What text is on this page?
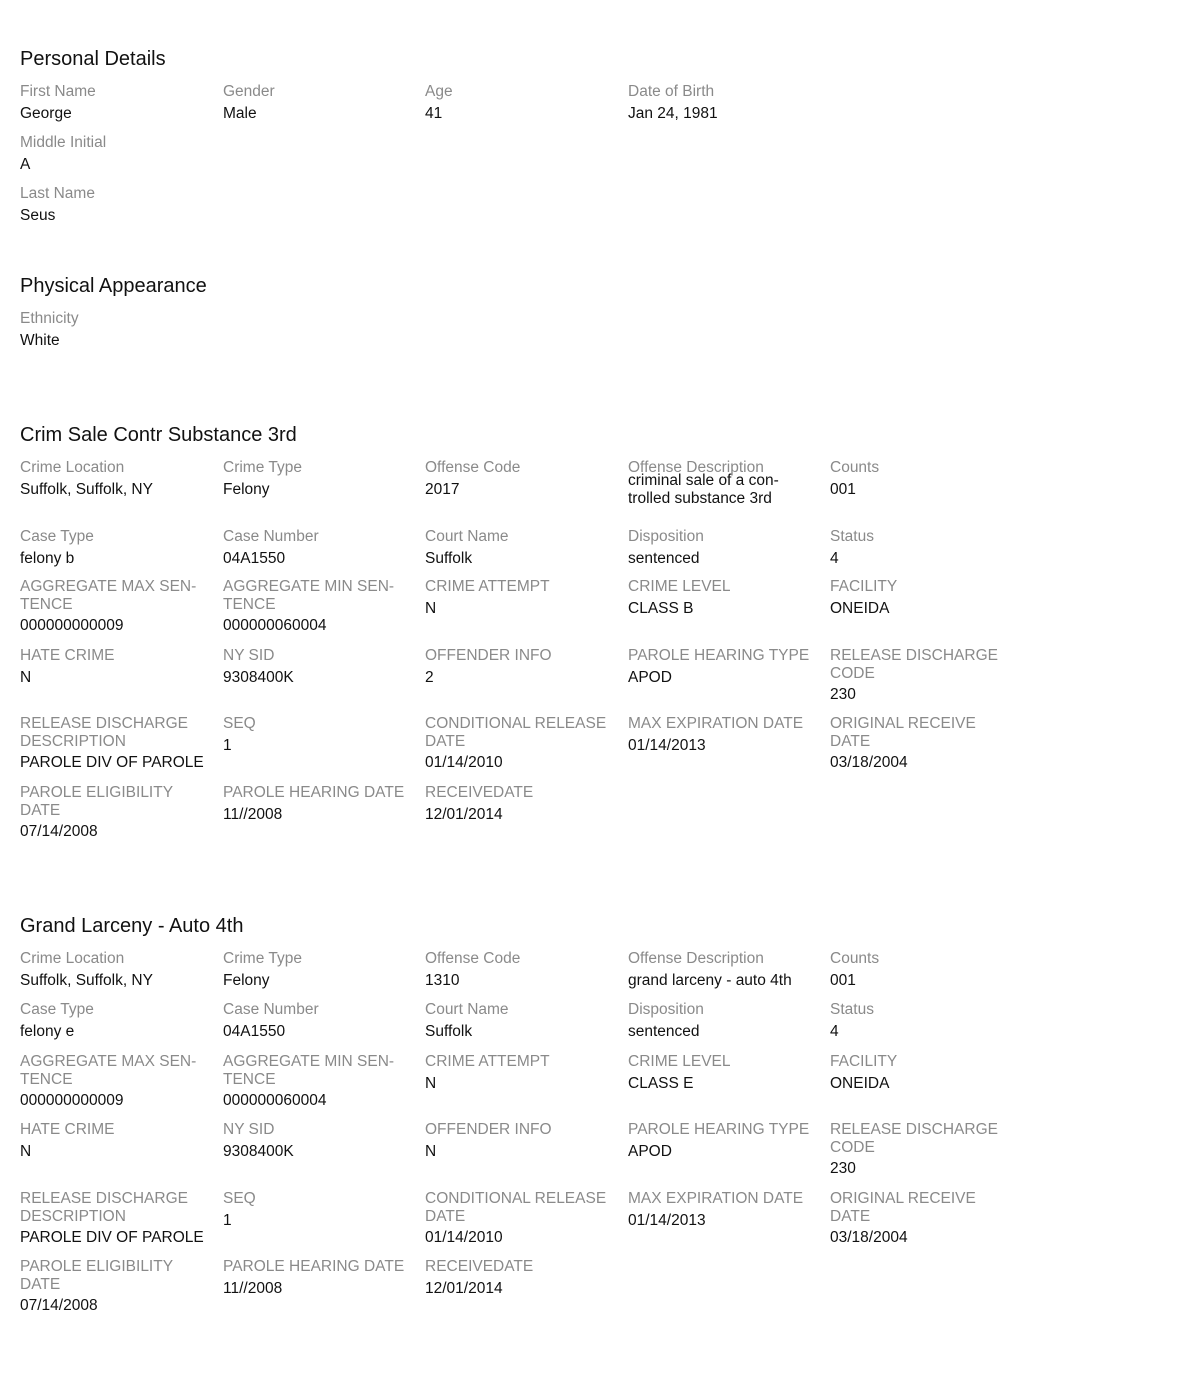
Personal Details
First Name
George
Gender
Male
Age
41
Date of Birth
Jan 24, 1981
Middle Initial
A
Last Name
Seus
Physical Appearance
Ethnicity
White
Crim Sale Contr Substance 3rd
Crime Location
Suffolk, Suffolk, NY
Crime Type
Felony
Offense Code
2017
Offense Description
criminal sale of a con-
trolled substance 3rd
Counts
001
Case Type
felony b
Case Number
04A1550
Court Name
Suffolk
Disposition
sentenced
Status
4
AGGREGATE MAX SEN-
TENCE
000000000009
AGGREGATE MIN SEN-
TENCE
000000060004
CRIME ATTEMPT
N
CRIME LEVEL
CLASS B
FACILITY
ONEIDA
HATE CRIME
N
NY SID
9308400K
OFFENDER INFO
2
PAROLE HEARING TYPE
APOD
RELEASE DISCHARGE
CODE
230
RELEASE DISCHARGE
DESCRIPTION
PAROLE DIV OF PAROLE
SEQ
1
CONDITIONAL RELEASE
DATE
01/14/2010
MAX EXPIRATION DATE
01/14/2013
ORIGINAL RECEIVE
DATE
03/18/2004
PAROLE ELIGIBILITY
DATE
07/14/2008
PAROLE HEARING DATE
11//2008
RECEIVEDATE
12/01/2014
Grand Larceny - Auto 4th
Crime Location
Suffolk, Suffolk, NY
Crime Type
Felony
Offense Code
1310
Offense Description
grand larceny - auto 4th
Counts
001
Case Type
felony e
Case Number
04A1550
Court Name
Suffolk
Disposition
sentenced
Status
4
AGGREGATE MAX SEN-
TENCE
000000000009
AGGREGATE MIN SEN-
TENCE
000000060004
CRIME ATTEMPT
N
CRIME LEVEL
CLASS E
FACILITY
ONEIDA
HATE CRIME
N
NY SID
9308400K
OFFENDER INFO
N
PAROLE HEARING TYPE
APOD
RELEASE DISCHARGE
CODE
230
RELEASE DISCHARGE
DESCRIPTION
PAROLE DIV OF PAROLE
SEQ
1
CONDITIONAL RELEASE
DATE
01/14/2010
MAX EXPIRATION DATE
01/14/2013
ORIGINAL RECEIVE
DATE
03/18/2004
PAROLE ELIGIBILITY
DATE
07/14/2008
PAROLE HEARING DATE
11//2008
RECEIVEDATE
12/01/2014
